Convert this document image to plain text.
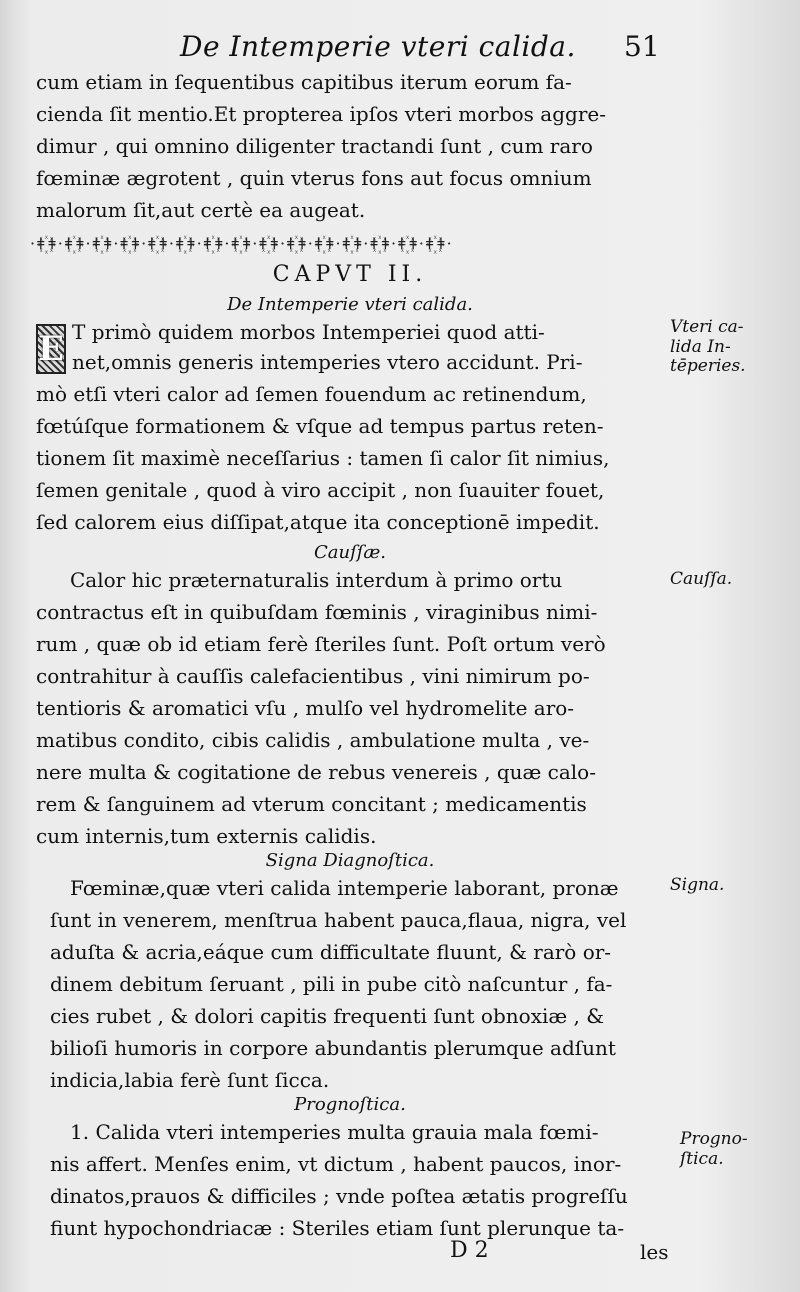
De Intemperie vteri calida. 51
cum etiam in ſequentibus capitibus iterum eorum fa-
cienda ſit mentio.Et propterea ipſos vteri morbos aggre-
dimur , qui omnino diligenter tractandi ſunt , cum raro
fœminæ ægrotent , quin vterus fons aut focus omnium
malorum ſit,aut certè ea augeat.
·ǂ꙰ǂ·ǂ꙰ǂ·ǂ꙰ǂ·ǂ꙰ǂ·ǂ꙰ǂ·ǂ꙰ǂ·ǂ꙰ǂ·ǂ꙰ǂ·ǂ꙰ǂ·ǂ꙰ǂ·ǂ꙰ǂ·ǂ꙰ǂ·ǂ꙰ǂ·ǂ꙰ǂ·ǂ꙰ǂ·
CAPVT II.
De Intemperie vteri calida.
E T primò quidem morbos Intemperiei quod atti-
net,omnis generis intemperies vtero accidunt. Pri-
mò etſi vteri calor ad ſemen fouendum ac retinendum,
fœtúſque formationem & vſque ad tempus partus reten-
tionem ſit maximè neceſſarius : tamen ſi calor ſit nimius,
ſemen genitale , quod à viro accipit , non ſuauiter fouet,
ſed calorem eius diſſipat,atque ita conceptionē impedit.
Cauſſæ.
Calor hic præternaturalis interdum à primo ortu
contractus eſt in quibuſdam fœminis , viraginibus nimi-
rum , quæ ob id etiam ferè ſteriles ſunt. Poſt ortum verò
contrahitur à cauſſis calefacientibus , vini nimirum po-
tentioris & aromatici vſu , mulſo vel hydromelite aro-
matibus condito, cibis calidis , ambulatione multa , ve-
nere multa & cogitatione de rebus venereis , quæ calo-
rem & ſanguinem ad vterum concitant ; medicamentis
cum internis,tum externis calidis.
Signa Diagnoſtica.
Fœminæ,quæ vteri calida intemperie laborant, pronæ
ſunt in venerem, menſtrua habent pauca,flaua, nigra, vel
aduſta & acria,eáque cum difficultate fluunt, & rarò or-
dinem debitum ſeruant , pili in pube citò naſcuntur , fa-
cies rubet , & dolori capitis frequenti ſunt obnoxiæ , &
bilioſi humoris in corpore abundantis plerumque adſunt
indicia,labia ferè ſunt ſicca.
Prognoſtica.
1. Calida vteri intemperies multa grauia mala fœmi-
nis affert. Menſes enim, vt dictum , habent paucos, inor-
dinatos,prauos & difficiles ; vnde poſtea ætatis progreſſu
fiunt hypochondriacæ : Steriles etiam ſunt plerunque ta-
D 2	les
Vteri ca-
lida In-
tēperies.
Cauſſa.
Signa.
Progno-
ſtica.
